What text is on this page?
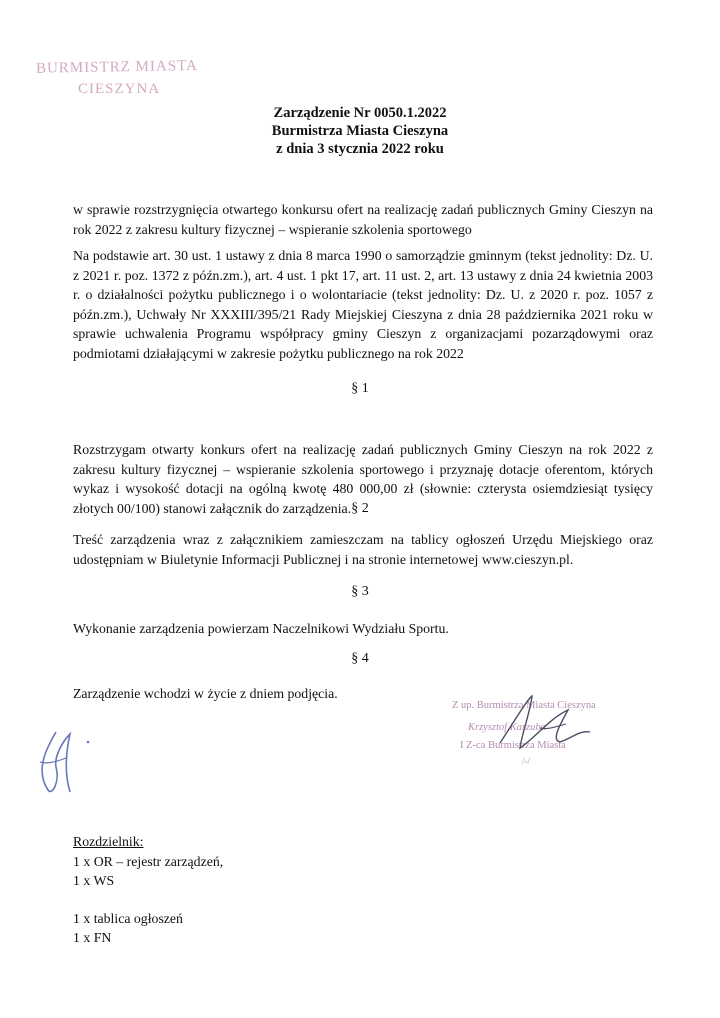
BURMISTRZ MIASTA
CIESZYNA
Zarządzenie Nr 0050.1.2022
Burmistrza Miasta Cieszyna
z dnia 3 stycznia 2022 roku

w sprawie rozstrzygnięcia otwartego konkursu ofert na realizację zadań publicznych Gminy Cieszyn na rok 2022 z zakresu kultury fizycznej – wspieranie szkolenia sportowego

Na podstawie art. 30 ust. 1 ustawy z dnia 8 marca 1990 o samorządzie gminnym (tekst jednolity: Dz. U. z 2021 r. poz. 1372 z późn.zm.), art. 4 ust. 1 pkt 17, art. 11 ust. 2, art. 13 ustawy z dnia 24 kwietnia 2003 r. o działalności pożytku publicznego i o wolontariacie (tekst jednolity: Dz. U. z 2020 r. poz. 1057 z późn.zm.), Uchwały Nr XXXIII/395/21 Rady Miejskiej Cieszyna z dnia 28 października 2021 roku w sprawie uchwalenia Programu współpracy gminy Cieszyn z organizacjami pozarządowymi oraz podmiotami działającymi w zakresie pożytku publicznego na rok 2022

§ 1

Rozstrzygam otwarty konkurs ofert na realizację zadań publicznych Gminy Cieszyn na rok 2022 z zakresu kultury fizycznej – wspieranie szkolenia sportowego i przyznaję dotacje oferentom, których wykaz i wysokość dotacji na ogólną kwotę 480 000,00 zł (słownie: czterysta osiemdziesiąt tysięcy złotych 00/100) stanowi załącznik do zarządzenia. § 2

Treść zarządzenia wraz z załącznikiem zamieszczam na tablicy ogłoszeń Urzędu Miejskiego oraz udostępniam w Biuletynie Informacji Publicznej i na stronie internetowej www.cieszyn.pl.

§ 3

Wykonanie zarządzenia powierzam Naczelnikowi Wydziału Sportu.

§ 4

Zarządzenie wchodzi w życie z dniem podjęcia.

Z up. Burmistrza Miasta Cieszyna
Krzysztof Kaszuba
I Z-ca Burmistrza Miasta
/-/
Rozdzielnik:
1 x OR – rejestr zarządzeń,
1 x WS
1 x tablica ogłoszeń
1 x FN
